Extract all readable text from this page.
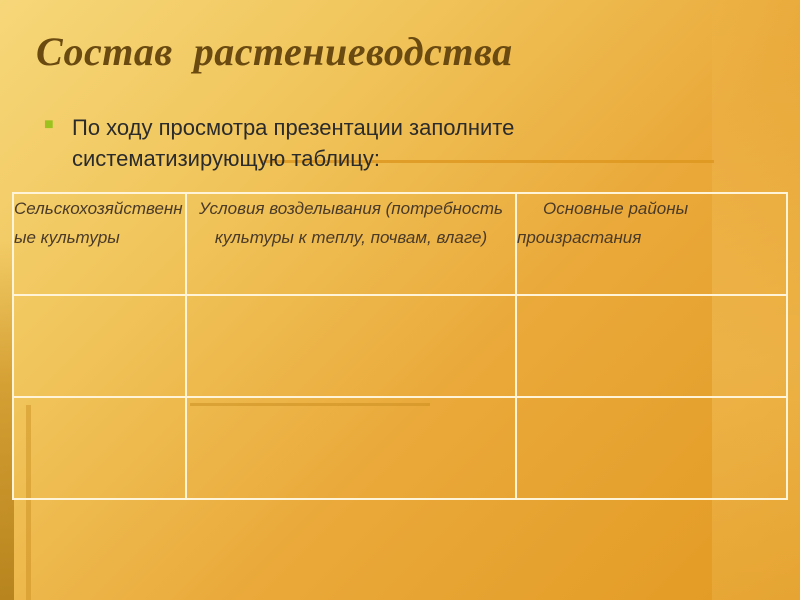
Состав  растениеводства
■ По ходу просмотра презентации заполните систематизирующую таблицу:
Сельскохозяйственные культуры	Условия возделывания (потребность культуры к теплу, почвам, влаге)	Основные районы произрастания
